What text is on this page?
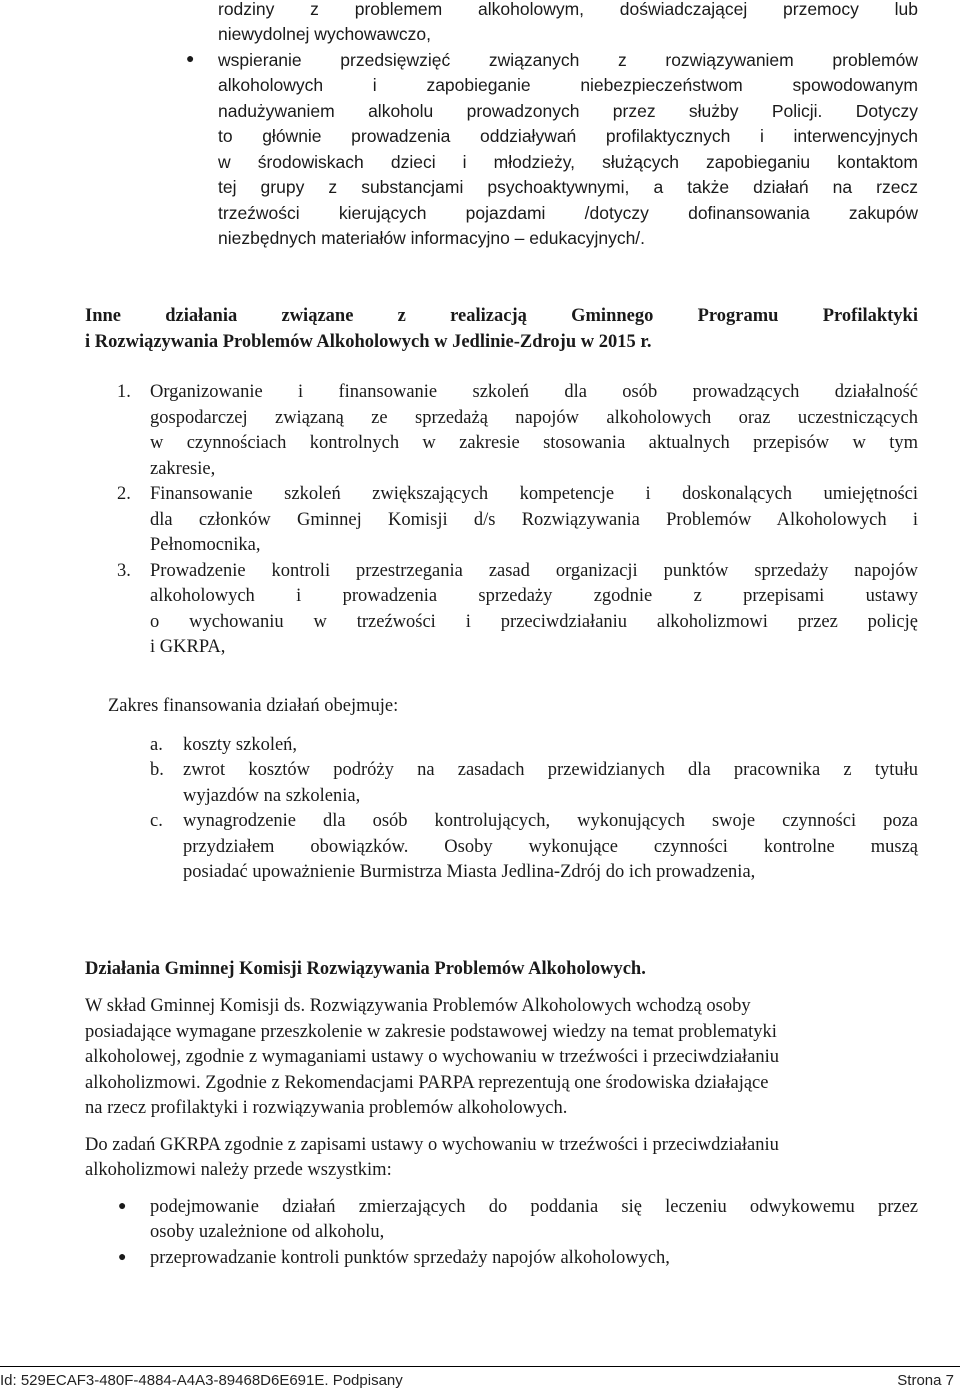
rodziny z problemem alkoholowym, doświadczającej przemocy lub
niewydolnej wychowawczo,
● wspieranie przedsięwzięć związanych z rozwiązywaniem problemów
alkoholowych i zapobieganie niebezpieczeństwom spowodowanym
nadużywaniem alkoholu prowadzonych przez służby Policji. Dotyczy
to głównie prowadzenia oddziaływań profilaktycznych i interwencyjnych
w środowiskach dzieci i młodzieży, służących zapobieganiu kontaktom
tej grupy z substancjami psychoaktywnymi, a także działań na rzecz
trzeźwości kierujących pojazdami /dotyczy dofinansowania zakupów
niezbędnych materiałów informacyjno – edukacyjnych/.
Inne działania związane z realizacją Gminnego Programu Profilaktyki
i Rozwiązywania Problemów Alkoholowych w Jedlinie-Zdroju w 2015 r.
1. Organizowanie i finansowanie szkoleń dla osób prowadzących działalność
gospodarczej związaną ze sprzedażą napojów alkoholowych oraz uczestniczących
w czynnościach kontrolnych w zakresie stosowania aktualnych przepisów w tym
zakresie,
2. Finansowanie szkoleń zwiększających kompetencje i doskonalących umiejętności
dla członków Gminnej Komisji d/s Rozwiązywania Problemów Alkoholowych i
Pełnomocnika,
3. Prowadzenie kontroli przestrzegania zasad organizacji punktów sprzedaży napojów
alkoholowych i prowadzenia sprzedaży zgodnie z przepisami ustawy
o wychowaniu w trzeźwości i przeciwdziałaniu alkoholizmowi przez policję
i GKRPA,
Zakres finansowania działań obejmuje:
a. koszty szkoleń,
b. zwrot kosztów podróży na zasadach przewidzianych dla pracownika z tytułu
wyjazdów na szkolenia,
c. wynagrodzenie dla osób kontrolujących, wykonujących swoje czynności poza
przydziałem obowiązków. Osoby wykonujące czynności kontrolne muszą
posiadać upoważnienie Burmistrza Miasta Jedlina-Zdrój do ich prowadzenia,
Działania Gminnej Komisji Rozwiązywania Problemów Alkoholowych.
W skład Gminnej Komisji ds. Rozwiązywania Problemów Alkoholowych wchodzą osoby
posiadające wymagane przeszkolenie w zakresie podstawowej wiedzy na temat problematyki
alkoholowej, zgodnie z wymaganiami ustawy o wychowaniu w trzeźwości i przeciwdziałaniu
alkoholizmowi. Zgodnie z Rekomendacjami PARPA reprezentują one środowiska działające
na rzecz profilaktyki i rozwiązywania problemów alkoholowych.
Do zadań GKRPA zgodnie z zapisami ustawy o wychowaniu w trzeźwości i przeciwdziałaniu
alkoholizmowi należy przede wszystkim:
● podejmowanie działań zmierzających do poddania się leczeniu odwykowemu przez
osoby uzależnione od alkoholu,
● przeprowadzanie kontroli punktów sprzedaży napojów alkoholowych,
Id: 529ECAF3-480F-4884-A4A3-89468D6E691E. Podpisany	Strona 7
